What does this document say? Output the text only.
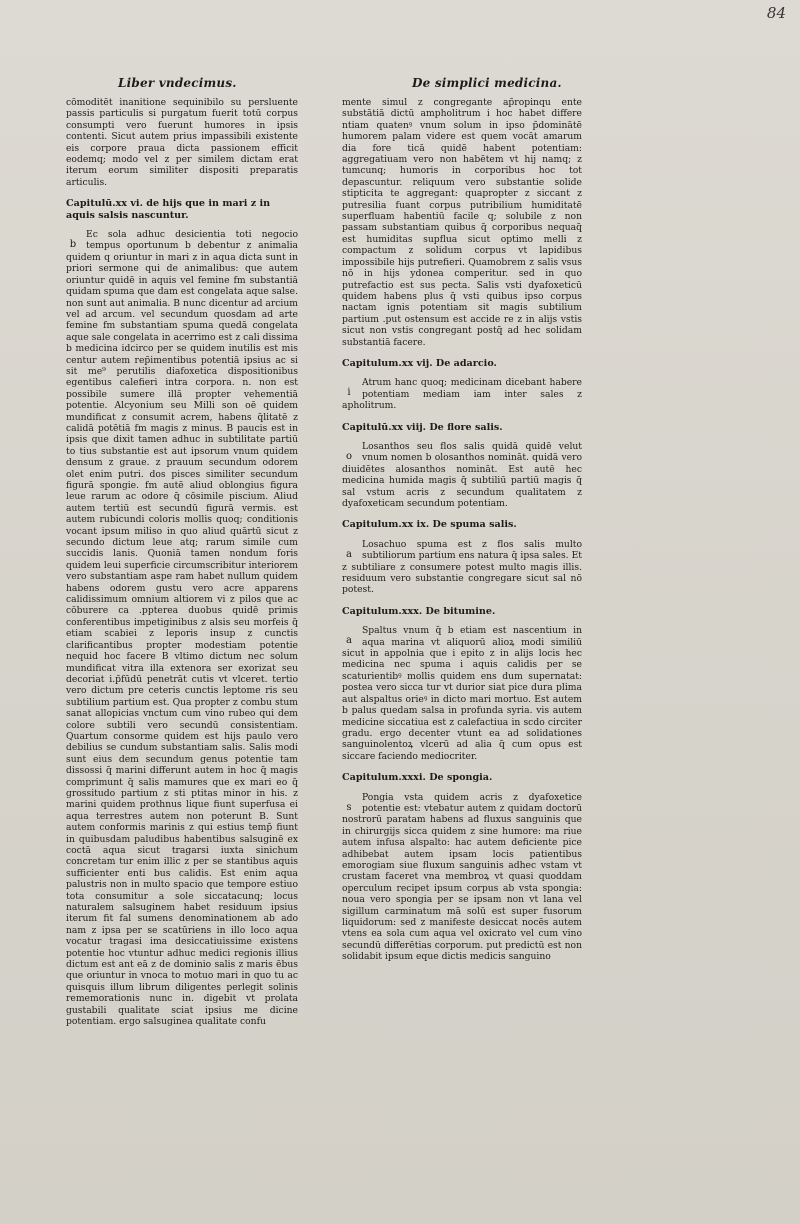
84
Liber vndecimus.	De simplici medicina.

cōmoditēt inanitione sequinibilo su persluente passis particulis si purgatum fuerit totū corpus consumpti vero fuerunt humores in ipsis contenti. Sicut autem prius impassibili existente eis corpore praua dicta passionem efficit eodemq; modo vel z per similem dictam erat iterum eorum similiter dispositi preparatis articulis.

Capitulū.xx vi. de hijs que in mari z in aquis salsis nascuntur.
b

Ec sola adhuc desicientia toti negocio tempus oportunum b debentur z animalia quidem q oriuntur in mari z in aqua dicta sunt in priori sermone qui de animalibus: que autem oriuntur quidē in aquis vel femine fm substantiā quidam spuma que dam est congelata aque salse. non sunt aut animalia. B nunc dicentur ad arcium vel ad arcum. vel secundum quosdam ad arte femine fm substantiam spuma quedā congelata aque sale congelata in acerrimo est z cali dissima b medicina idcirco per se quidem inutilis est mis centur autem rep̄imentibus potentiā ipsius ac si sit me⁹ perutilis diafoxetica dispositionibus egentibus calefieri intra corpora. n. non est possibile sumere illā propter vehementiā potentie. Alcyonium seu Milli son oē quidem mundificat z consumit acrem, habens q̄litatē z calidā potētiā fm magis z minus. B paucis est in ipsis que dixit tamen adhuc in subtilitate partiū to tius substantie est aut ipsorum vnum quidem densum z graue. z prauum secundum odorem olet enim putri. dos pisces similiter secundum figurā spongie. fm autē aliud oblongius figura leue rarum ac odore q̄ cōsimile piscium. Aliud autem tertiū est secundū figurā vermis. est autem rubicundi coloris mollis quoq; conditionis vocant ipsum miliso in quo aliud quārtū sicut z secundo dictum leue atq; rarum simile cum succidis lanis. Quoniā tamen nondum foris quidem leui superficie circumscribitur interiorem vero substantiam aspe ram habet nullum quidem habens odorem gustu vero acre apparens calidissimum omnium altiorem vi z pilos que ac cōburere ca .ppterea duobus quidē primis conferentibus impetiginibus z alsis seu morfeis q̄ etiam scabiei z leporis insup z cunctis clarificantibus propter modestiam potentie nequid hoc facere B vltimo dictum nec solum mundificat vitra illa extenora ser exorizat seu decoriat i.p̄fūdū penetrāt cutis vt vlceret. tertio vero dictum pre ceteris cunctis leptome ris seu subtilium partium est. Qua propter z combu stum sanat allopicias vnctum cum vino rubeo qui dem colore subtili vero secundū consistentiam. Quartum consorme quidem est hijs paulo vero debilius se cundum substantiam salis. Salis modi sunt eius dem secundum genus potentie tam dissossi q̄ marini differunt autem in hoc q̄ magis comprimunt q̄ salis mamures que ex mari eo q̄ grossitudo partium z sti ptitas minor in his. z marini quidem prothnus lique fiunt superfusa ei aqua terrestres autem non poterunt B. Sunt autem conformis marinis z qui estius temp̄ fiunt in quibusdam paludibus habentibus salsuginē ex coctā aqua sicut tragarsi iuxta sinichum concretam tur enim illic z per se stantibus aquis sufficienter enti bus calidis. Est enim aqua palustris non in multo spacio que tempore estiuo tota consumitur a sole siccatacunq; locus naturalem salsuginem habet residuum ipsius iterum fit fal sumens denominationem ab ado nam z ipsa per se scatūriens in illo loco aqua vocatur tragasi ima desiccatiuissime existens potentie hoc vtuntur adhuc medici regionis illius dictum est ant eā z de dominio salis z maris ēbus que oriuntur in vnoca to motuo mari in quo tu ac quisquis illum librum diligentes perlegit solinis rememorationis nunc in. digebit vt prolata gustabili qualitate sciat ipsius me dicine potentiam. ergo salsuginea qualitate confu

mente simul z congregante ap̄ropinqu ente substātiā dictū ampholitrum i hoc habet differe ntiam quatenꝰ vnum solum in ipso p̄dominātē humorem palam videre est quem vocāt amarum dia fore ticā quidē habent potentiam: aggregatiuam vero non habētem vt hij namq; z tumcunq; humoris in corporibus hoc tot depascuntur. reliquum vero substantie solide stipticita te aggregant: quapropter z siccant z putresilia fuant corpus putribilium humiditatē superfluam habentiū facile q; solubile z non passam substantiam quibus q̄ corporibus nequaq̄ est humiditas supflua sicut optimo melli z compactum z solidum corpus vt lapidibus impossibile hijs putrefieri. Quamobrem z salis vsus nō in hijs ydonea comperitur. sed in quo putrefactio est sus pecta. Salis vsti dyafoxeticū quidem habens plus q̄ vsti quibus ipso corpus nactam ignis potentiam sit magis subtilium partium .put ostensum est accide re z in alijs vstis sicut non vstis congregant postq̄ ad hec solidam substantiā facere.

Capitulum.xx vij. De adarcio.
i

Atrum hanc quoq; medicinam dicebant habere potentiam mediam iam inter sales z apholitrum.

Capitulū.xx viij. De flore salis.
o

Losanthos seu flos salis quidā quidē velut vnum nomen b olosanthos nomināt. quidā vero diuidētes alosanthos nomināt. Est autē hec medicina humida magis q̄ subtiliū partiū magis q̄ sal vstum acris z secundum qualitatem z dyafoxeticam secundum potentiam.

Capitulum.xx ix. De spuma salis.
a

Losachuo spuma est z flos salis multo subtiliorum partium ens natura q̄ ipsa sales. Et z subtiliare z consumere potest multo magis illis. residuum vero substantie congregare sicut sal nō potest.

Capitulum.xxx. De bitumine.
a

Spaltus vnum q̄ b etiam est nascentium in aqua marina vt aliquorū alioꝝ modi similiū sicut in appolnia que i epito z in alijs locis hec medicina nec spuma i aquis calidis per se scaturientibꝰ mollis quidem ens dum supernatat: postea vero sicca tur vt durior siat pice dura plima aut alspaltus orieꝰ in dicto mari mortuo. Est autem b palus quedam salsa in profunda syria. vis autem medicine siccatiua est z calefactiua in scdo circiter gradu. ergo decenter vtunt ea ad solidationes sanguinolentoꝝ vlcerū ad alia q̄ cum opus est siccare faciendo mediocriter.

Capitulum.xxxi. De spongia.
s

Pongia vsta quidem acris z dyafoxetice potentie est: vtebatur autem z quidam doctorū nostrorū paratam habens ad fluxus sanguinis que in chirurgijs sicca quidem z sine humore: ma riue autem infusa alspalto: hac autem deficiente pice adhibebat autem ipsam locis patientibus emorogiam siue fluxum sanguinis adhec vstam vt crustam faceret vna membroꝝ vt quasi quoddam operculum recipet ipsum corpus ab vsta spongia: noua vero spongia per se ipsam non vt lana vel sigillum carminatum mā solū est super fusorum liquidorum: sed z manifeste desiccat nocēs autem vtens ea sola cum aqua vel oxicrato vel cum vino secundū differētias corporum. put predictū est non solidabit ipsum eque dictis medicis sanguino
